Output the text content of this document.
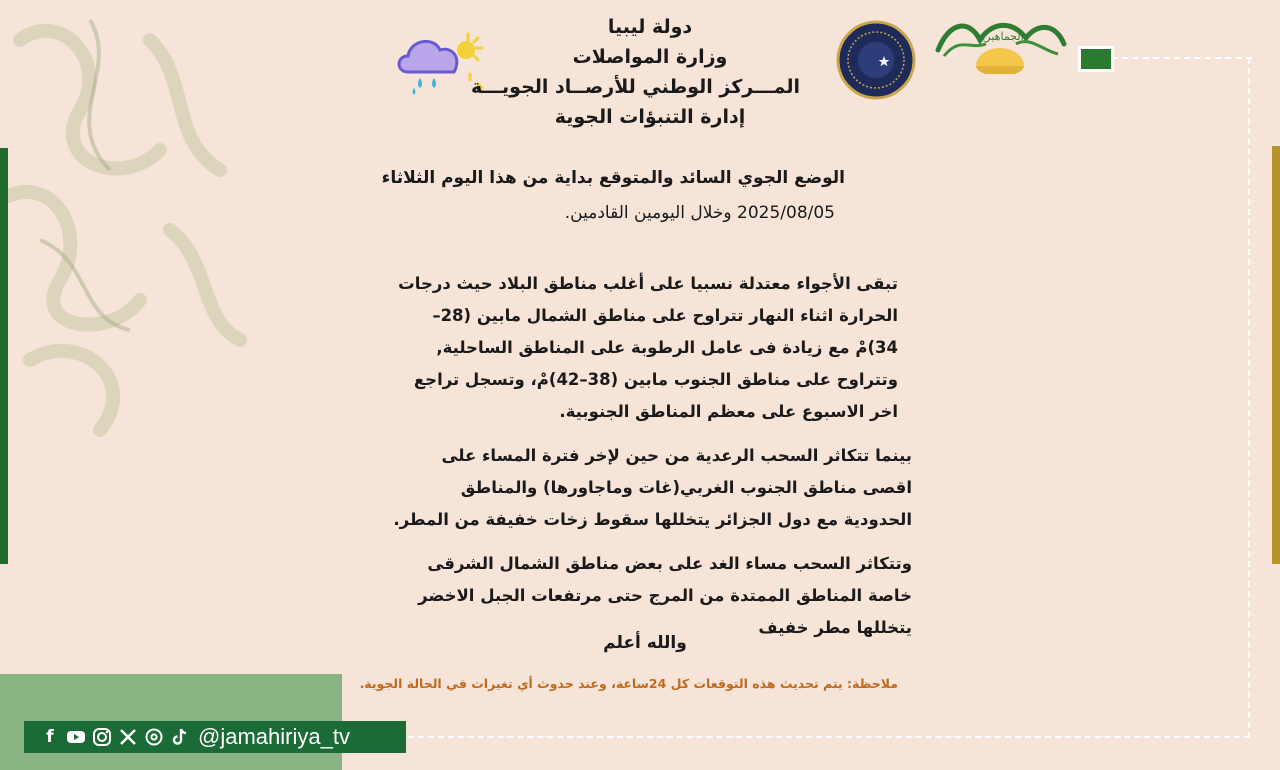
دولة ليبيا
وزارة المواصلات
المـــركز الوطني للأرصــاد الجويـــة
إدارة التنبؤات الجوية
الجماهيرية
الوضع الجوي السائد والمتوقع بداية من هذا اليوم الثلاثاء
2025/08/05 وخلال اليومين القادمين.

تبقى الأجواء معتدلة نسبيا على أغلب مناطق البلاد حيث درجات الحرارة اثناء النهار تتراوح على مناطق الشمال مابين (28–34)مْ مع زيادة فى عامل الرطوبة على المناطق الساحلية, وتتراوح على مناطق الجنوب مابين (38–42)مْ، وتسجل تراجع اخر الاسبوع على معظم المناطق الجنوبية.

بينما تتكاثر السحب الرعدية من حين لإخر فترة المساء على اقصى مناطق الجنوب الغربي(غات وماجاورها) والمناطق الحدودية مع دول الجزائر يتخللها سقوط زخات خفيفة من المطر.

وتتكاثر السحب مساء الغد على بعض مناطق الشمال الشرقى خاصة المناطق الممتدة من المرج حتى مرتفعات الجبل الاخضر يتخللها مطر خفيف

والله أعلم
ملاحظة: يتم تحديث هذه التوقعات كل 24ساعة، وعند حدوث أي تغيرات في الحالة الجوية.
f	@jamahiriya_tv
